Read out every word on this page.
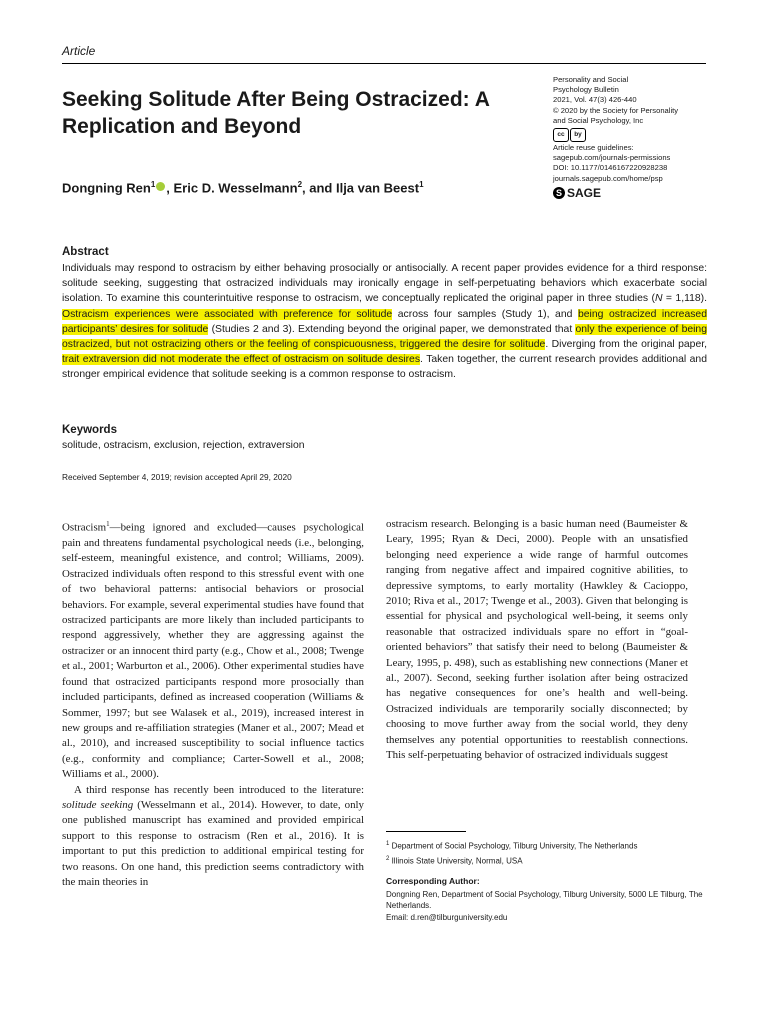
Article
Seeking Solitude After Being Ostracized: A Replication and Beyond
Dongning Ren$^1$ , Eric D. Wesselmann$^2$, and Ilja van Beest$^1$
Personality and Social
Psychology Bulletin
2021, Vol. 47(3) 426-440
© 2020 by the Society for Personality
and Social Psychology, Inc
cc	by
Article reuse guidelines:
sagepub.com/journals-permissions
DOI: 10.1177/0146167220928238
journals.sagepub.com/home/psp
S SAGE
Abstract

Individuals may respond to ostracism by either behaving prosocially or antisocially. A recent paper provides evidence for a third response: solitude seeking, suggesting that ostracized individuals may ironically engage in self-perpetuating behaviors which exacerbate social isolation. To examine this counterintuitive response to ostracism, we conceptually replicated the original paper in three studies (N = 1,118). Ostracism experiences were associated with preference for solitude across four samples (Study 1), and being ostracized increased participants’ desires for solitude (Studies 2 and 3). Extending beyond the original paper, we demonstrated that only the experience of being ostracized, but not ostracizing others or the feeling of conspicuousness, triggered the desire for solitude. Diverging from the original paper, trait extraversion did not moderate the effect of ostracism on solitude desires. Taken together, the current research provides additional and stronger empirical evidence that solitude seeking is a common response to ostracism.

Keywords
solitude, ostracism, exclusion, rejection, extraversion
Received September 4, 2019; revision accepted April 29, 2020

Ostracism$^1$—being ignored and excluded—causes psychological pain and threatens fundamental psychological needs (i.e., belonging, self-esteem, meaningful existence, and control; Williams, 2009). Ostracized individuals often respond to this stressful event with one of two behavioral patterns: antisocial behaviors or prosocial behaviors. For example, several experimental studies have found that ostracized participants are more likely than included participants to respond aggressively, whether they are aggressing against the ostracizer or an innocent third party (e.g., Chow et al., 2008; Twenge et al., 2001; Warburton et al., 2006). Other experimental studies have found that ostracized participants respond more prosocially than included participants, defined as increased cooperation (Williams & Sommer, 1997; but see Walasek et al., 2019), increased interest in new groups and re-affiliation strategies (Maner et al., 2007; Mead et al., 2010), and increased susceptibility to social influence tactics (e.g., conformity and compliance; Carter-Sowell et al., 2008; Williams et al., 2000).

A third response has recently been introduced to the literature: solitude seeking (Wesselmann et al., 2014). However, to date, only one published manuscript has examined and provided empirical support to this response to ostracism (Ren et al., 2016). It is important to put this prediction to additional empirical testing for two reasons. On one hand, this prediction seems contradictory with the main theories in

ostracism research. Belonging is a basic human need (Baumeister & Leary, 1995; Ryan & Deci, 2000). People with an unsatisfied belonging need experience a wide range of harmful outcomes ranging from negative affect and impaired cognitive abilities, to depressive symptoms, to early mortality (Hawkley & Cacioppo, 2010; Riva et al., 2017; Twenge et al., 2003). Given that belonging is essential for physical and psychological well-being, it seems only reasonable that ostracized individuals spare no effort in “goal-oriented behaviors” that satisfy their need to belong (Baumeister & Leary, 1995, p. 498), such as establishing new connections (Maner et al., 2007). Second, seeking further isolation after being ostracized has negative consequences for one’s health and well-being. Ostracized individuals are temporarily socially disconnected; by choosing to move further away from the social world, they deny themselves any potential opportunities to reestablish connections. This self-perpetuating behavior of ostracized individuals suggest

$^1$ Department of Social Psychology, Tilburg University, The Netherlands
$^2$ Illinois State University, Normal, USA
Corresponding Author:
Dongning Ren, Department of Social Psychology, Tilburg University, 5000 LE Tilburg, The Netherlands.
Email: d.ren@tilburguniversity.edu
